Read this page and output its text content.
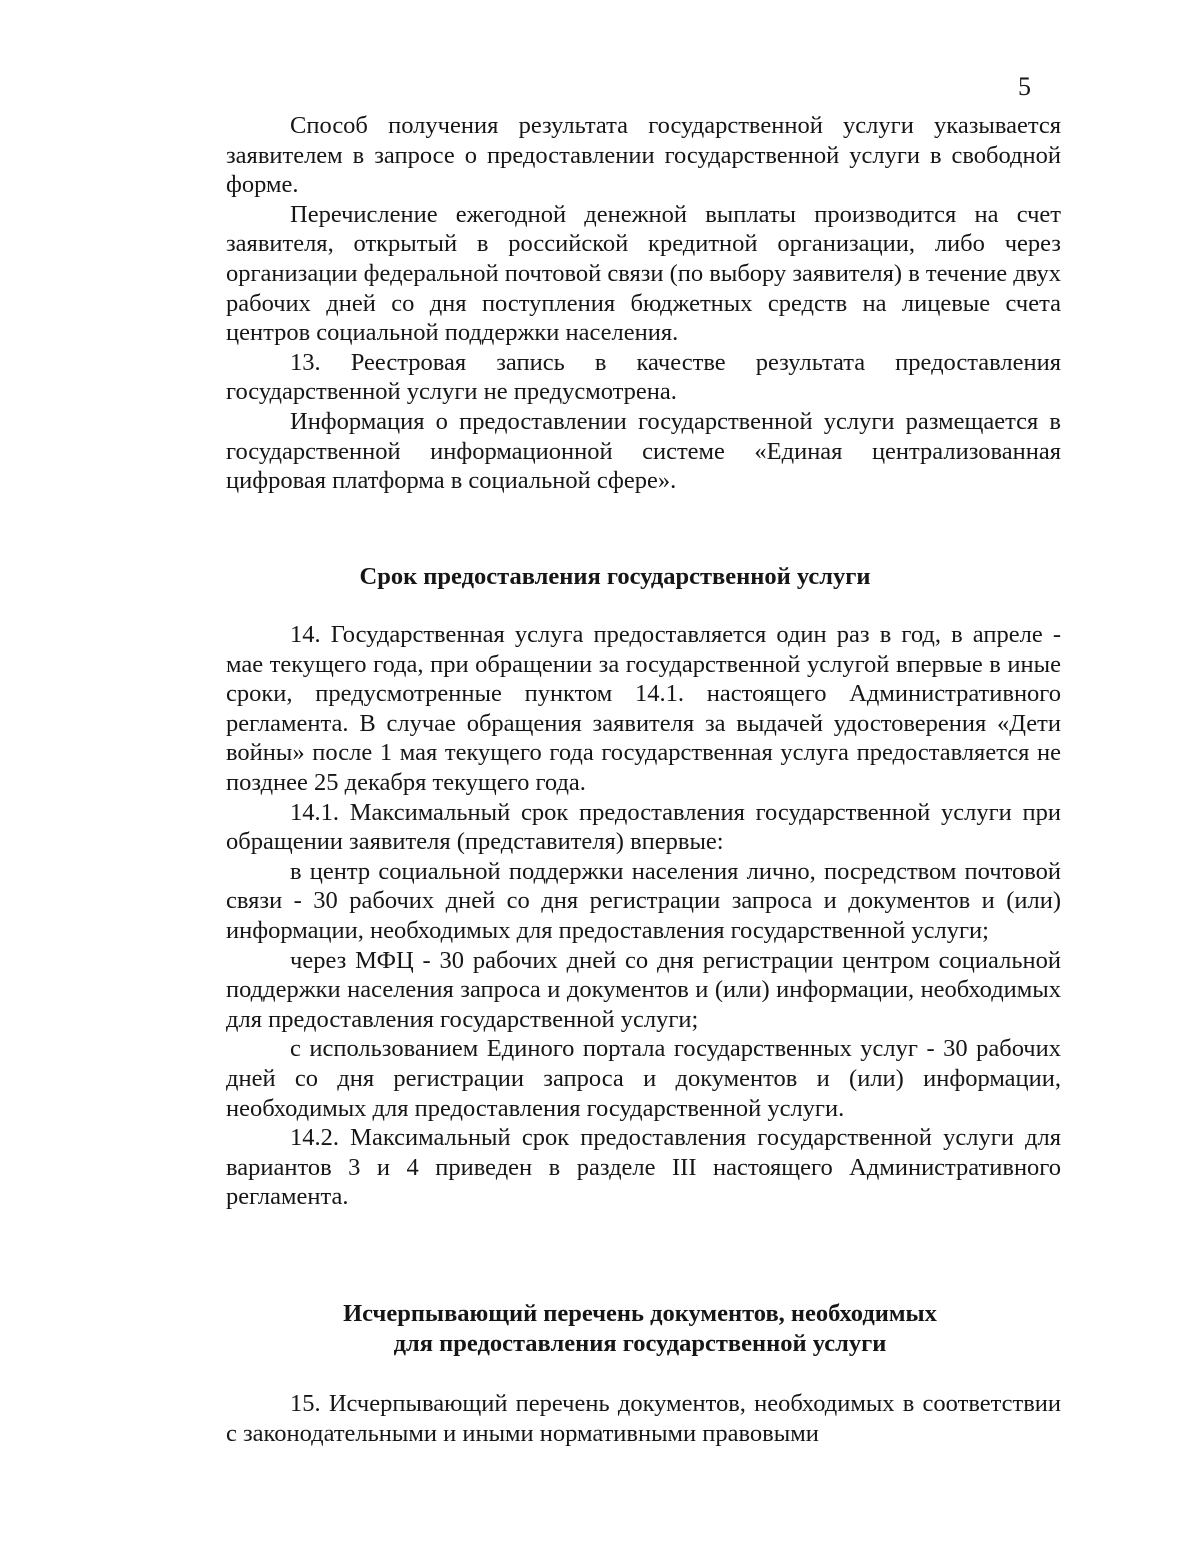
5

Способ получения результата государственной услуги указывается заявителем в запросе о предоставлении государственной услуги в свободной форме.

Перечисление ежегодной денежной выплаты производится на счет заявителя, открытый в российской кредитной организации, либо через организации федеральной почтовой связи (по выбору заявителя) в течение двух рабочих дней со дня поступления бюджетных средств на лицевые счета центров социальной поддержки населения.

13. Реестровая запись в качестве результата предоставления государственной услуги не предусмотрена.

Информация о предоставлении государственной услуги размещается в государственной информационной системе «Единая централизованная цифровая платформа в социальной сфере».

Срок предоставления государственной услуги

14. Государственная услуга предоставляется один раз в год, в апреле - мае текущего года, при обращении за государственной услугой впервые в иные сроки, предусмотренные пунктом 14.1. настоящего Административного регламента. В случае обращения заявителя за выдачей удостоверения «Дети войны» после 1 мая текущего года государственная услуга предоставляется не позднее 25 декабря текущего года.

14.1. Максимальный срок предоставления государственной услуги при обращении заявителя (представителя) впервые:

в центр социальной поддержки населения лично, посредством почтовой связи - 30 рабочих дней со дня регистрации запроса и документов и (или) информации, необходимых для предоставления государственной услуги;

через МФЦ - 30 рабочих дней со дня регистрации центром социальной поддержки населения запроса и документов и (или) информации, необходимых для предоставления государственной услуги;

с использованием Единого портала государственных услуг - 30 рабочих дней со дня регистрации запроса и документов и (или) информации, необходимых для предоставления государственной услуги.

14.2. Максимальный срок предоставления государственной услуги для вариантов 3 и 4 приведен в разделе III настоящего Административного регламента.

Исчерпывающий перечень документов, необходимых
для предоставления государственной услуги

15. Исчерпывающий перечень документов, необходимых в соответствии с законодательными и иными нормативными правовыми
